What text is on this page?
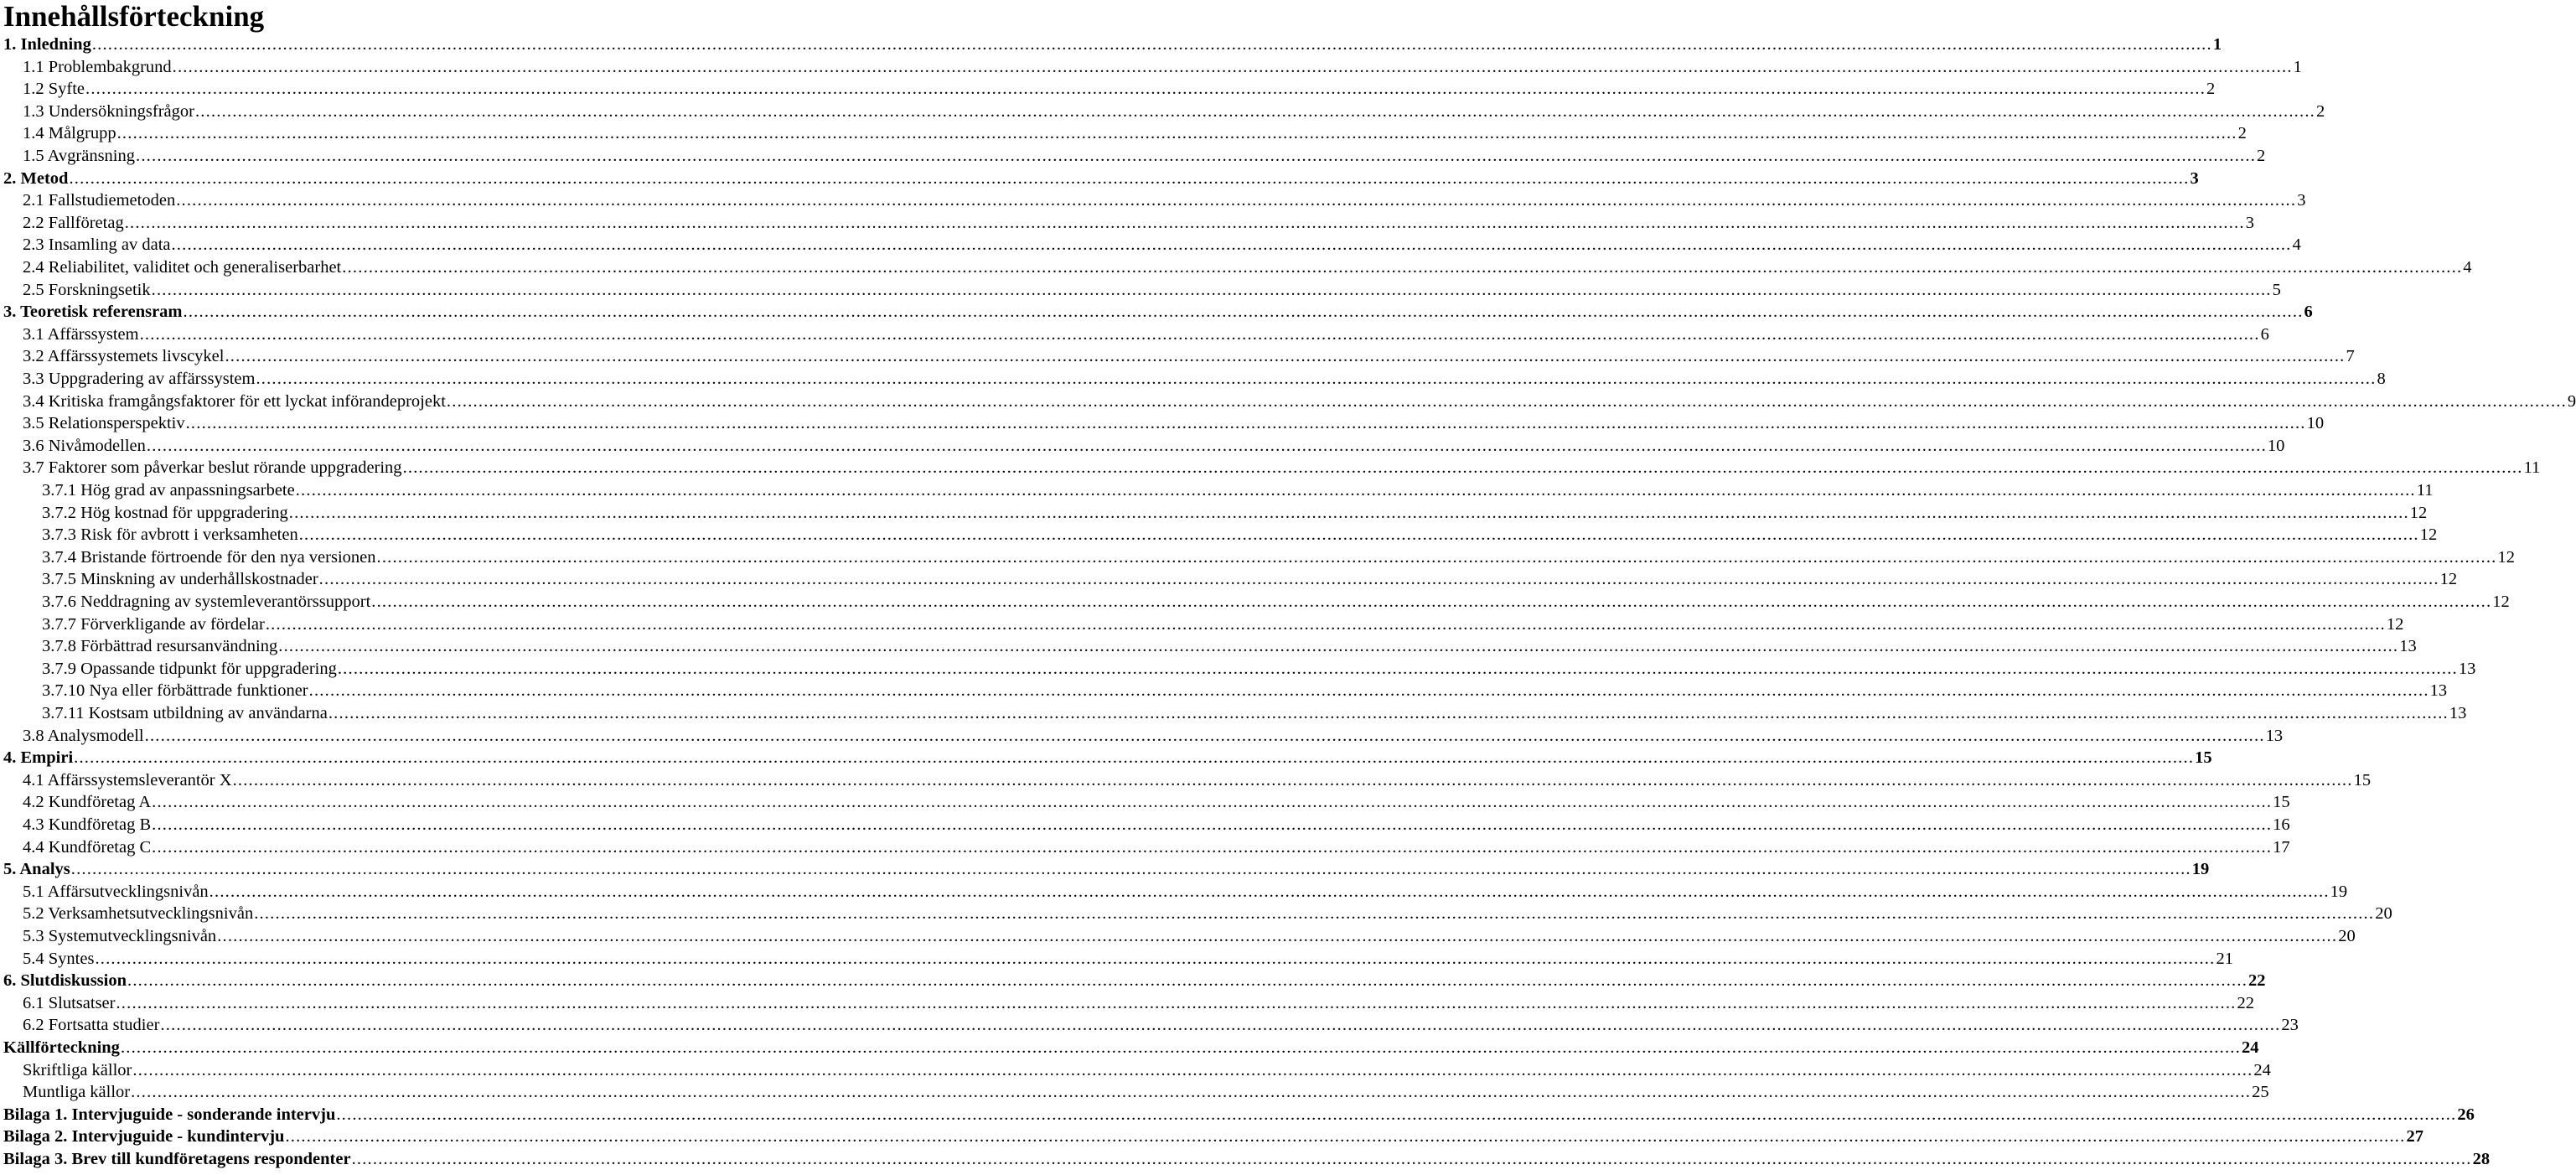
Innehållsförteckning
1. Inledning ................................................................................................................................................................................................................................................................................................................................................................................................................ 1
1.1 Problembakgrund ................................................................................................................................................................................................................................................................................................................................................................................................................ 1
1.2 Syfte ................................................................................................................................................................................................................................................................................................................................................................................................................ 2
1.3 Undersökningsfrågor ................................................................................................................................................................................................................................................................................................................................................................................................................ 2
1.4 Målgrupp ................................................................................................................................................................................................................................................................................................................................................................................................................ 2
1.5 Avgränsning ................................................................................................................................................................................................................................................................................................................................................................................................................ 2
2. Metod ................................................................................................................................................................................................................................................................................................................................................................................................................ 3
2.1 Fallstudiemetoden ................................................................................................................................................................................................................................................................................................................................................................................................................ 3
2.2 Fallföretag ................................................................................................................................................................................................................................................................................................................................................................................................................ 3
2.3 Insamling av data ................................................................................................................................................................................................................................................................................................................................................................................................................ 4
2.4 Reliabilitet, validitet och generaliserbarhet ................................................................................................................................................................................................................................................................................................................................................................................................................ 4
2.5 Forskningsetik ................................................................................................................................................................................................................................................................................................................................................................................................................ 5
3. Teoretisk referensram ................................................................................................................................................................................................................................................................................................................................................................................................................ 6
3.1 Affärssystem ................................................................................................................................................................................................................................................................................................................................................................................................................ 6
3.2 Affärssystemets livscykel ................................................................................................................................................................................................................................................................................................................................................................................................................ 7
3.3 Uppgradering av affärssystem ................................................................................................................................................................................................................................................................................................................................................................................................................ 8
3.4 Kritiska framgångsfaktorer för ett lyckat införandeprojekt ................................................................................................................................................................................................................................................................................................................................................................................................................ 9
3.5 Relationsperspektiv ................................................................................................................................................................................................................................................................................................................................................................................................................ 10
3.6 Nivåmodellen ................................................................................................................................................................................................................................................................................................................................................................................................................ 10
3.7 Faktorer som påverkar beslut rörande uppgradering ................................................................................................................................................................................................................................................................................................................................................................................................................ 11
3.7.1 Hög grad av anpassningsarbete ................................................................................................................................................................................................................................................................................................................................................................................................................ 11
3.7.2 Hög kostnad för uppgradering ................................................................................................................................................................................................................................................................................................................................................................................................................ 12
3.7.3 Risk för avbrott i verksamheten ................................................................................................................................................................................................................................................................................................................................................................................................................ 12
3.7.4 Bristande förtroende för den nya versionen ................................................................................................................................................................................................................................................................................................................................................................................................................ 12
3.7.5 Minskning av underhållskostnader ................................................................................................................................................................................................................................................................................................................................................................................................................ 12
3.7.6 Neddragning av systemleverantörssupport ................................................................................................................................................................................................................................................................................................................................................................................................................ 12
3.7.7 Förverkligande av fördelar ................................................................................................................................................................................................................................................................................................................................................................................................................ 12
3.7.8 Förbättrad resursanvändning ................................................................................................................................................................................................................................................................................................................................................................................................................ 13
3.7.9 Opassande tidpunkt för uppgradering ................................................................................................................................................................................................................................................................................................................................................................................................................ 13
3.7.10 Nya eller förbättrade funktioner ................................................................................................................................................................................................................................................................................................................................................................................................................ 13
3.7.11 Kostsam utbildning av användarna ................................................................................................................................................................................................................................................................................................................................................................................................................ 13
3.8 Analysmodell ................................................................................................................................................................................................................................................................................................................................................................................................................ 13
4. Empiri ................................................................................................................................................................................................................................................................................................................................................................................................................ 15
4.1 Affärssystemsleverantör X ................................................................................................................................................................................................................................................................................................................................................................................................................ 15
4.2 Kundföretag A ................................................................................................................................................................................................................................................................................................................................................................................................................ 15
4.3 Kundföretag B ................................................................................................................................................................................................................................................................................................................................................................................................................ 16
4.4 Kundföretag C ................................................................................................................................................................................................................................................................................................................................................................................................................ 17
5. Analys ................................................................................................................................................................................................................................................................................................................................................................................................................ 19
5.1 Affärsutvecklingsnivån ................................................................................................................................................................................................................................................................................................................................................................................................................ 19
5.2 Verksamhetsutvecklingsnivån ................................................................................................................................................................................................................................................................................................................................................................................................................ 20
5.3 Systemutvecklingsnivån ................................................................................................................................................................................................................................................................................................................................................................................................................ 20
5.4 Syntes ................................................................................................................................................................................................................................................................................................................................................................................................................ 21
6. Slutdiskussion ................................................................................................................................................................................................................................................................................................................................................................................................................ 22
6.1 Slutsatser ................................................................................................................................................................................................................................................................................................................................................................................................................ 22
6.2 Fortsatta studier ................................................................................................................................................................................................................................................................................................................................................................................................................ 23
Källförteckning ................................................................................................................................................................................................................................................................................................................................................................................................................ 24
Skriftliga källor ................................................................................................................................................................................................................................................................................................................................................................................................................ 24
Muntliga källor ................................................................................................................................................................................................................................................................................................................................................................................................................ 25
Bilaga 1. Intervjuguide - sonderande intervju ................................................................................................................................................................................................................................................................................................................................................................................................................ 26
Bilaga 2. Intervjuguide - kundintervju ................................................................................................................................................................................................................................................................................................................................................................................................................ 27
Bilaga 3. Brev till kundföretagens respondenter ................................................................................................................................................................................................................................................................................................................................................................................................................ 28
